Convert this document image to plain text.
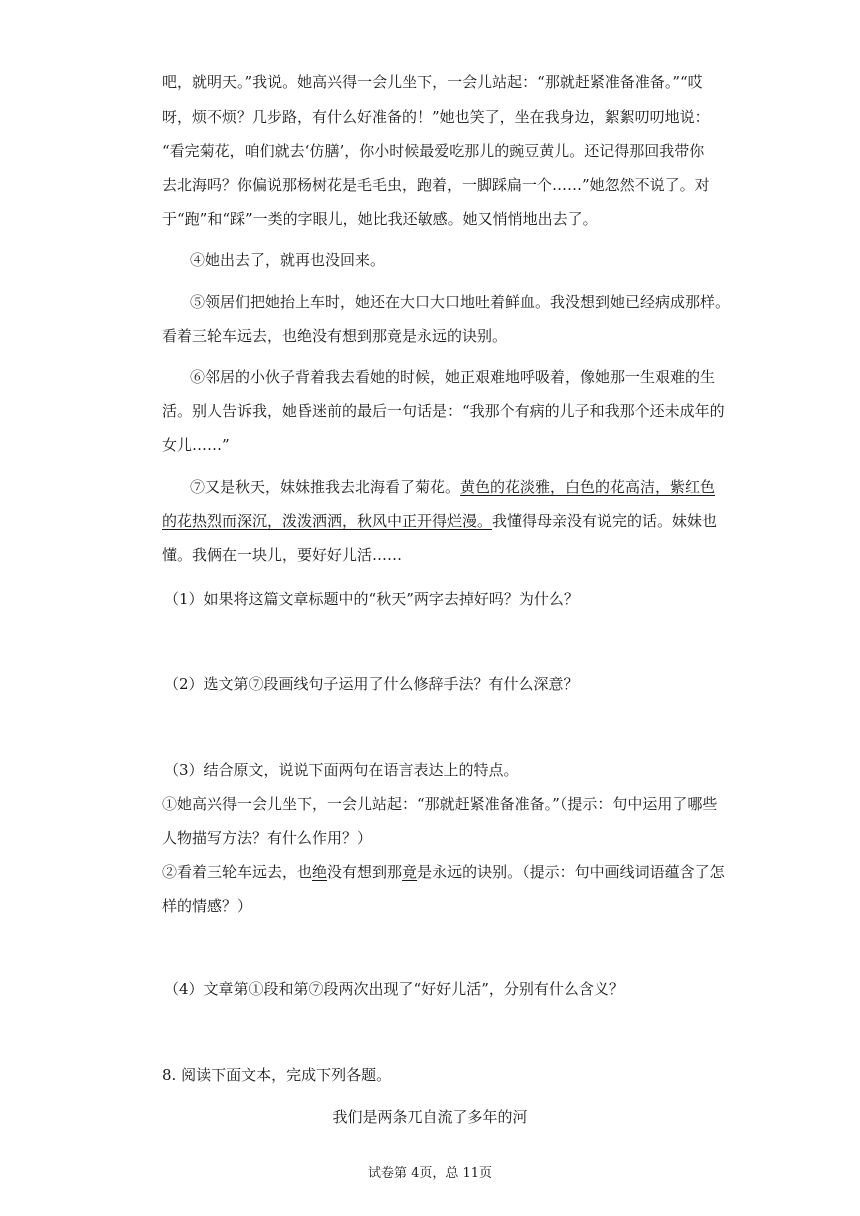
吧，就明天。”我说。她高兴得一会儿坐下，一会儿站起：“那就赶紧准备准备。”“哎
呀，烦不烦？几步路，有什么好准备的！”她也笑了，坐在我身边，絮絮叨叨地说：
“看完菊花，咱们就去‘仿膳’，你小时候最爱吃那儿的豌豆黄儿。还记得那回我带你
去北海吗？你偏说那杨树花是毛毛虫，跑着，一脚踩扁一个……”她忽然不说了。对
于“跑”和“踩”一类的字眼儿，她比我还敏感。她又悄悄地出去了。
④她出去了，就再也没回来。
⑤领居们把她抬上车时，她还在大口大口地吐着鲜血。我没想到她已经病成那样。
看着三轮车远去，也绝没有想到那竟是永远的诀别。
⑥邻居的小伙子背着我去看她的时候，她正艰难地呼吸着，像她那一生艰难的生
活。别人告诉我，她昏迷前的最后一句话是：“我那个有病的儿子和我那个还未成年的
女儿……”
⑦又是秋天，妹妹推我去北海看了菊花。黄色的花淡雅，白色的花高洁，紫红色
的花热烈而深沉，泼泼洒洒，秋风中正开得烂漫。我懂得母亲没有说完的话。妹妹也
懂。我俩在一块儿，要好好儿活……
（1）如果将这篇文章标题中的“秋天”两字去掉好吗？为什么？
（2）选文第⑦段画线句子运用了什么修辞手法？有什么深意？
（3）结合原文，说说下面两句在语言表达上的特点。
①她高兴得一会儿坐下，一会儿站起：“那就赶紧准备准备。”（提示：句中运用了哪些
人物描写方法？有什么作用？）
②看着三轮车远去，也绝没有想到那竟是永远的诀别。（提示：句中画线词语蕴含了怎
样的情感？）
（4）文章第①段和第⑦段两次出现了“好好儿活”，分别有什么含义？
8. 阅读下面文本，完成下列各题。
我们是两条兀自流了多年的河
试卷第 4页，总 11页
